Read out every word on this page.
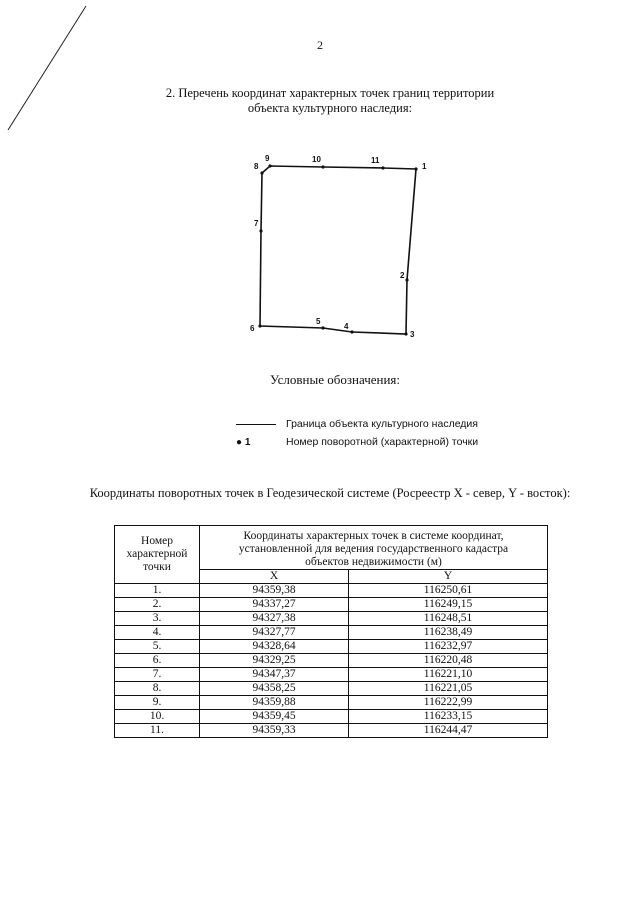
2
2. Перечень координат характерных точек границ территории
объекта культурного наследия:
1
2
3
4
5
6
7
8
9	10	11
Условные обозначения:
Граница объекта культурного наследия
● 1	Номер поворотной (характерной) точки
Координаты поворотных точек в Геодезической системе (Росреестр X - север, Y - восток):
Номер характерной точки	Координаты характерных точек в системе координат, установленной для ведения государственного кадастра объектов недвижимости (м)	
	X	Y
1.	94359,38	116250,61
2.	94337,27	116249,15
3.	94327,38	116248,51
4.	94327,77	116238,49
5.	94328,64	116232,97
6.	94329,25	116220,48
7.	94347,37	116221,10
8.	94358,25	116221,05
9.	94359,88	116222,99
10.	94359,45	116233,15
11.	94359,33	116244,47
